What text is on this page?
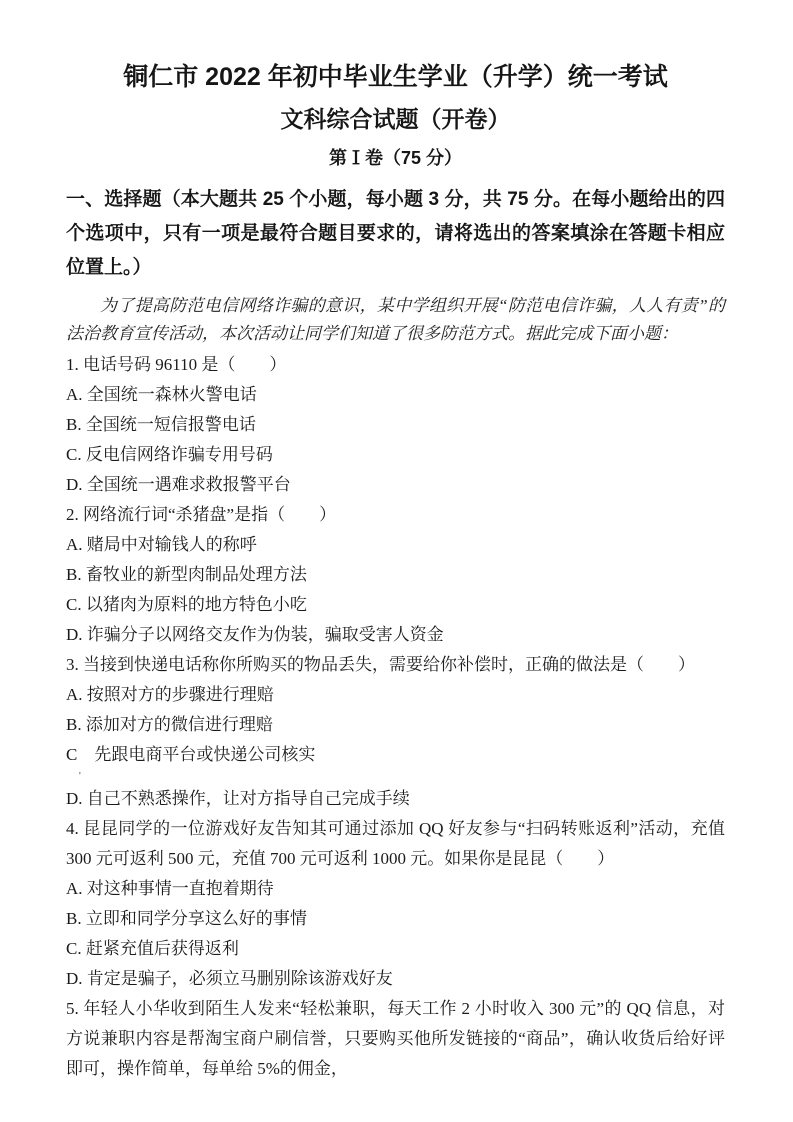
铜仁市 2022 年初中毕业生学业（升学）统一考试
文科综合试题（开卷）
第Ⅰ卷（75 分）

一、选择题（本大题共 25 个小题，每小题 3 分，共 75 分。在每小题给出的四个选项中，只有一项是最符合题目要求的，请将选出的答案填涂在答题卡相应位置上。）

为了提高防范电信网络诈骗的意识，某中学组织开展“防范电信诈骗，人人有责”的法治教育宣传活动，本次活动让同学们知道了很多防范方式。据此完成下面小题：

1. 电话号码 96110 是（　　）

A. 全国统一森林火警电话

B. 全国统一短信报警电话

C. 反电信网络诈骗专用号码

D. 全国统一遇难求救报警平台

2. 网络流行词“杀猪盘”是指（　　）

A. 赌局中对输钱人的称呼

B. 畜牧业的新型肉制品处理方法

C. 以猪肉为原料的地方特色小吃

D. 诈骗分子以网络交友作为伪装，骗取受害人资金

3. 当接到快递电话称你所购买的物品丢失，需要给你补偿时，正确的做法是（　　）

A. 按照对方的步骤进行理赔

B. 添加对方的微信进行理赔

C　先跟电商平台或快递公司核实

'

D. 自己不熟悉操作，让对方指导自己完成手续

4. 昆昆同学的一位游戏好友告知其可通过添加 QQ 好友参与“扫码转账返利”活动，充值 300 元可返利 500 元，充值 700 元可返利 1000 元。如果你是昆昆（　　）

A. 对这种事情一直抱着期待

B. 立即和同学分享这么好的事情

C. 赶紧充值后获得返利

D. 肯定是骗子，必须立马删别除该游戏好友

5. 年轻人小华收到陌生人发来“轻松兼职，每天工作 2 小时收入 300 元”的 QQ 信息，对方说兼职内容是帮淘宝商户刷信誉，只要购买他所发链接的“商品”，确认收货后给好评即可，操作简单，每单给 5%的佣金，
